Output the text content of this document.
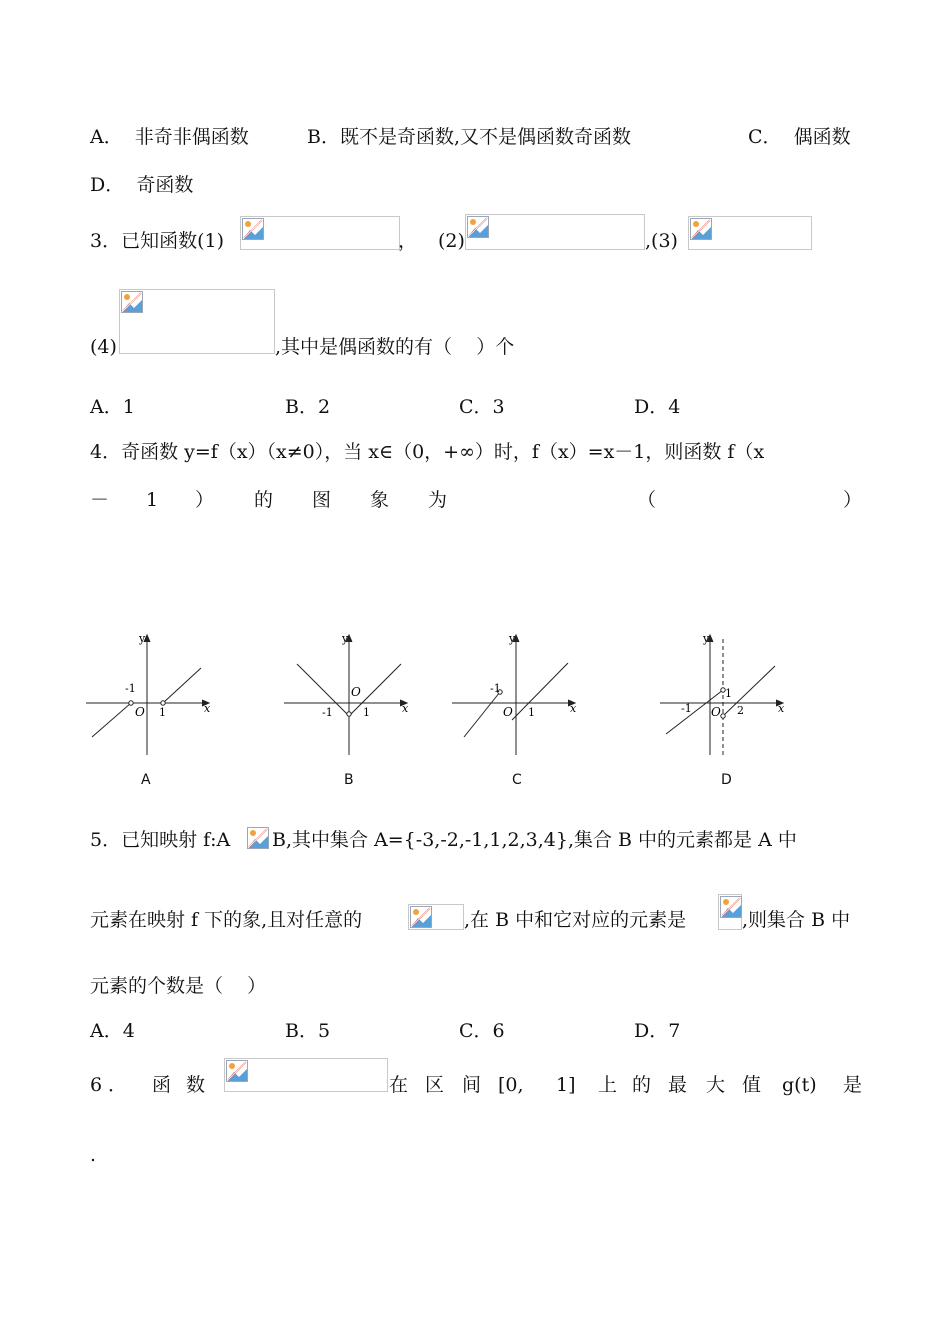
A．  非奇非偶函数	B．既不是奇函数,又不是偶函数奇函数	C．  偶函数
D．  奇函数
3．已知函数(1)	， (2)	,(3)
(4)	,其中是偶函数的有（    ）个
A．1	B．2	C．3	D．4
4．奇函数 y=f（x）（x≠0），当 x∈（0，+∞）时，f（x）=x－1，则函数 f（x
－ 1 ） 的 图 象 为	（	）
y
x
-1
O 1
A
y
x
-1
O
1
B
y
x
-1
O 1
C
y
x
-1 O
1
2
D
5．已知映射 f:A B,其中集合 A={-3,-2,-1,1,2,3,4},集合 B 中的元素都是 A 中
元素在映射 f 下的象,且对任意的	,在 B 中和它对应的元素是	,则集合 B 中
元素的个数是（    ）
A．4	B．5	C．6	D．7
6 ． 函 数	在 区 间 [0, 1] 上 的 最 大 值 g(t) 是
.
